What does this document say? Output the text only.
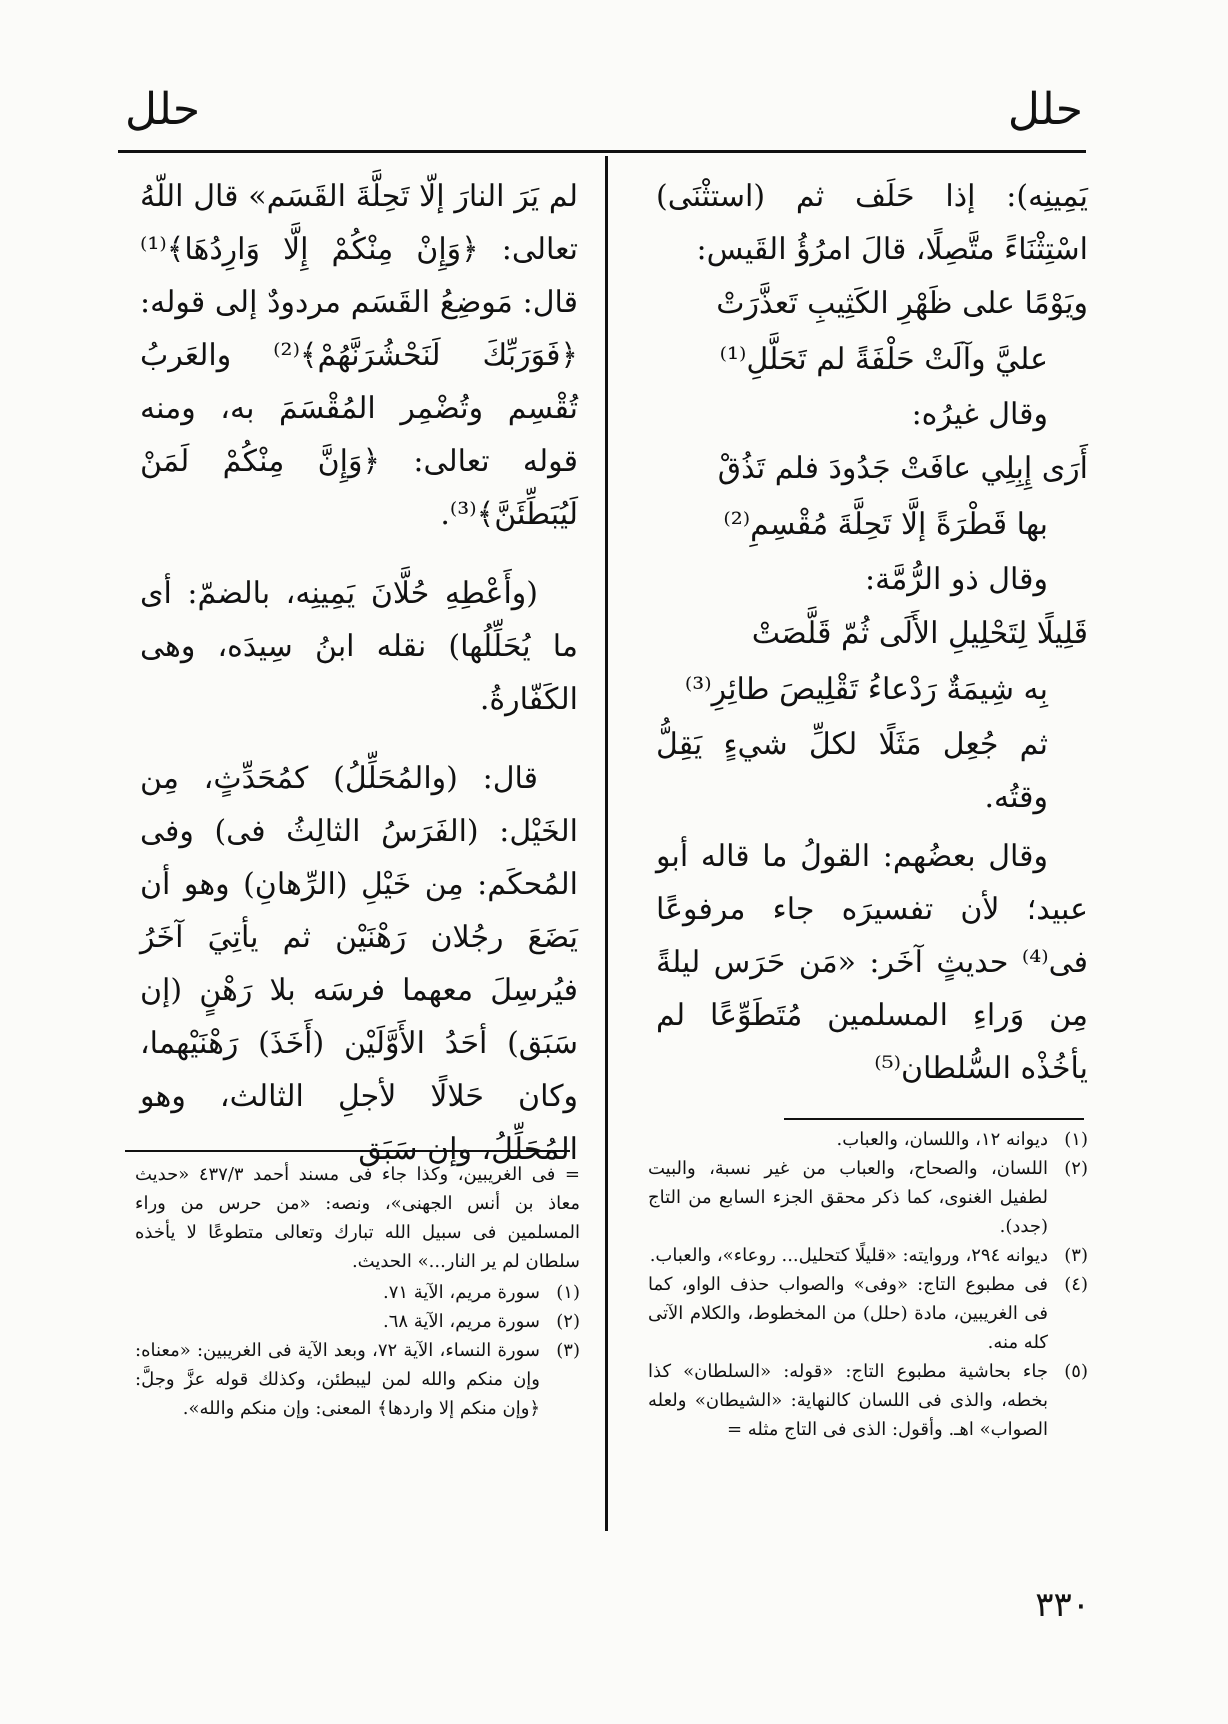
حلل
حلل

يَمِينِه): إذا حَلَف ثم (استثْنَى) اسْتِثْنَاءً متَّصِلًا، قالَ امرُؤُ القَيس:

ويَوْمًا على ظَهْرِ الكَثِيبِ تَعذَّرَتْ

عليَّ وآلَتْ حَلْفَةً لم تَحَلَّلِ⁽¹⁾

وقال غيرُه:

أَرَى إِبِلِي عافَتْ جَدُودَ فلم تَذُقْ

بها قَطْرَةً إلَّا تَحِلَّةَ مُقْسِمِ⁽²⁾

وقال ذو الرُّمَّة:

قَلِيلًا لِتَحْلِيلِ الأَلَى ثُمّ قَلَّصَتْ

بِه شِيمَةٌ رَدْعاءُ تَقْلِيصَ طائِرِ⁽³⁾

ثم جُعِل مَثَلًا لكلِّ شيءٍ يَقِلُّ وقتُه.

وقال بعضُهم: القولُ ما قاله أبو عبيد؛ لأن تفسيرَه جاء مرفوعًا فى⁽⁴⁾ حديثٍ آخَر: «مَن حَرَس ليلةً مِن وَراءِ المسلمين مُتَطَوِّعًا لم يأخُذْه السُّلطان⁽⁵⁾

لم يَرَ النارَ إلّا تَحِلَّةَ القَسَم» قال اللّهُ تعالى: ﴿وَإِنْ مِنْكُمْ إِلَّا وَارِدُهَا﴾⁽¹⁾ قال: مَوضِعُ القَسَم مردودٌ إلى قوله: ﴿فَوَرَبِّكَ لَنَحْشُرَنَّهُمْ﴾⁽²⁾ والعَربُ تُقْسِم وتُضْمِر المُقْسَمَ به، ومنه قوله تعالى: ﴿وَإِنَّ مِنْكُمْ لَمَنْ لَيُبَطِّئَنَّ﴾⁽³⁾.

(وأَعْطِهِ حُلَّانَ يَمِينِه، بالضمّ: أى ما يُحَلِّلُها) نقله ابنُ سِيدَه، وهى الكَفّارةُ.

قال: (والمُحَلِّلُ) كمُحَدِّثٍ، مِن الخَيْل: (الفَرَسُ الثالِثُ فى) وفى المُحكَم: مِن خَيْلِ (الرِّهانِ) وهو أن يَضَعَ رجُلان رَهْنَيْن ثم يأتِيَ آخَرُ فيُرسِلَ معهما فرسَه بلا رَهْنٍ (إن سَبَق) أحَدُ الأَوَّلَيْن (أَخَذَ) رَهْنَيْهما، وكان حَلالًا لأجلِ الثالث، وهو المُحَلِّلُ، وإن سَبَق	(١)
ديوانه ١٢، واللسان، والعباب.
(٢)
اللسان، والصحاح، والعباب من غير نسبة، والبيت لطفيل الغنوى، كما ذكر محقق الجزء السابع من التاج (جدد).
(٣)
ديوانه ٢٩٤، وروايته: «قليلًا كتحليل... روعاء»، والعباب.
(٤)
فى مطبوع التاج: «وفى» والصواب حذف الواو، كما فى الغريبين، مادة (حلل) من المخطوط، والكلام الآتى كله منه.
(٥)
جاء بحاشية مطبوع التاج: «قوله: «السلطان» كذا بخطه، والذى فى اللسان كالنهاية: «الشيطان» ولعله الصواب» اهـ. وأقول: الذى فى التاج مثله =

= فى الغريبين، وكذا جاء فى مسند أحمد ٤٣٧/٣ «حديث معاذ بن أنس الجهنى»، ونصه: «من حرس من وراء المسلمين فى سبيل الله تبارك وتعالى متطوعًا لا يأخذه سلطان لم ير النار...» الحديث.

(١)
سورة مريم، الآية ٧١.
(٢)
سورة مريم، الآية ٦٨.
(٣)
سورة النساء، الآية ٧٢، وبعد الآية فى الغريبين: «معناه: وإن منكم والله لمن ليبطئن، وكذلك قوله عزَّ وجلَّ: ﴿وإن منكم إلا واردها﴾ المعنى: وإن منكم والله».
٣٣٠
